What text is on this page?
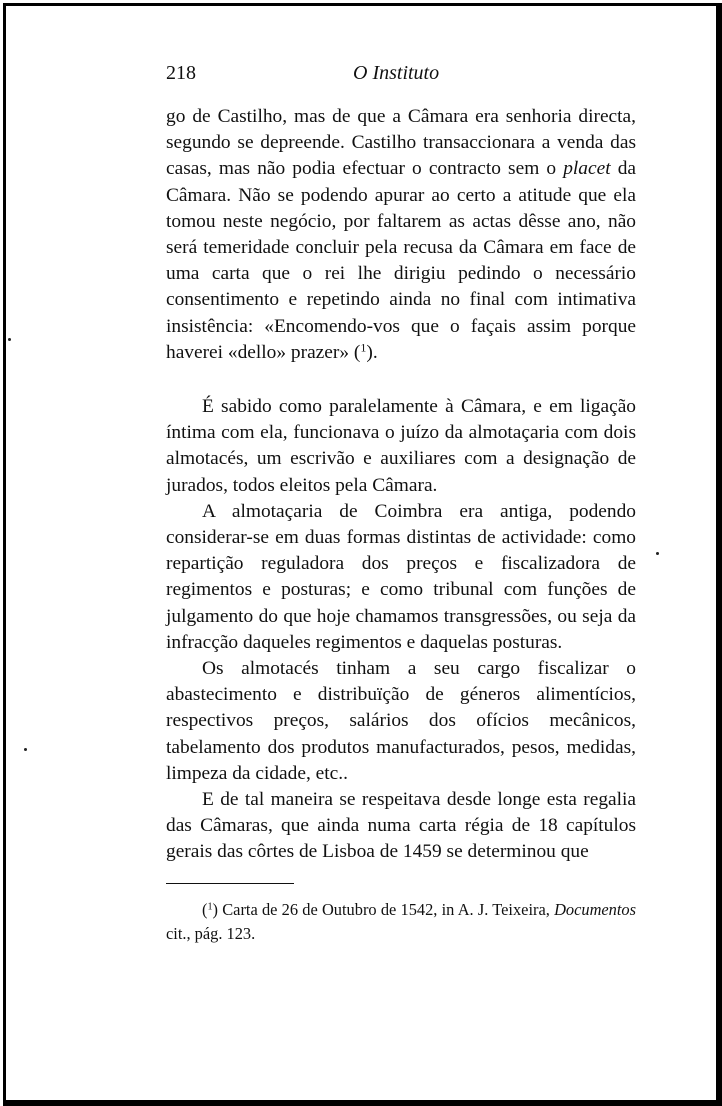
218	O Instituto

go de Castilho, mas de que a Câmara era senhoria directa, segundo se depreende. Castilho transaccionara a venda das casas, mas não podia efectuar o contracto sem o placet da Câmara. Não se podendo apurar ao certo a atitude que ela tomou neste negócio, por faltarem as actas dêsse ano, não será temeridade concluir pela recusa da Câmara em face de uma carta que o rei lhe dirigiu pedindo o necessário consentimento e repetindo ainda no final com intimativa insistência: «Encomendo-vos que o façais assim porque haverei «dello» prazer» ($^1$).

É sabido como paralelamente à Câmara, e em ligação íntima com ela, funcionava o juízo da almotaçaria com dois almotacés, um escrivão e auxiliares com a designação de jurados, todos eleitos pela Câmara.

A almotaçaria de Coimbra era antiga, podendo considerar-se em duas formas distintas de actividade: como repartição reguladora dos preços e fiscalizadora de regimentos e posturas; e como tribunal com funções de julgamento do que hoje chamamos transgressões, ou seja da infracção daqueles regimentos e daquelas posturas.

Os almotacés tinham a seu cargo fiscalizar o abastecimento e distribuïção de géneros alimentícios, respectivos preços, salários dos ofícios mecânicos, tabelamento dos produtos manufacturados, pesos, medidas, limpeza da cidade, etc..

E de tal maneira se respeitava desde longe esta regalia das Câmaras, que ainda numa carta régia de 18 capítulos gerais das côrtes de Lisboa de 1459 se determinou que

($^1$) Carta de 26 de Outubro de 1542, in A. J. Teixeira, Documentos cit., pág. 123.
